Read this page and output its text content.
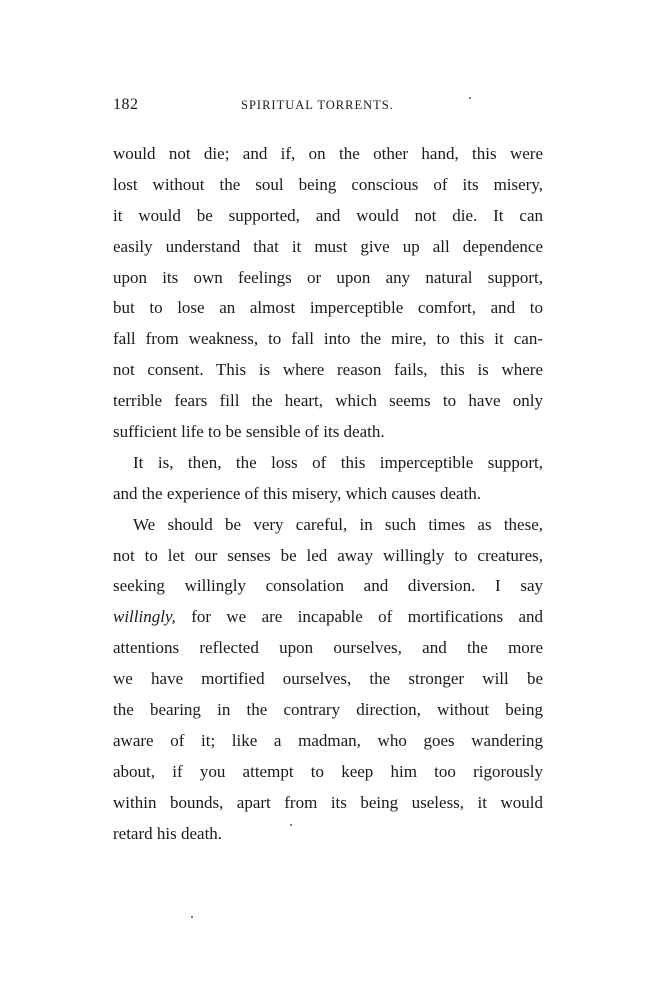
182	SPIRITUAL TORRENTS.
would not die; and if, on the other hand, this were
lost without the soul being conscious of its misery,
it would be supported, and would not die. It can
easily understand that it must give up all dependence
upon its own feelings or upon any natural support,
but to lose an almost imperceptible comfort, and to
fall from weakness, to fall into the mire, to this it can-
not consent. This is where reason fails, this is where
terrible fears fill the heart, which seems to have only
sufficient life to be sensible of its death.
It is, then, the loss of this imperceptible support,
and the experience of this misery, which causes death.
We should be very careful, in such times as these,
not to let our senses be led away willingly to creatures,
seeking willingly consolation and diversion. I say
willingly, for we are incapable of mortifications and
attentions reflected upon ourselves, and the more
we have mortified ourselves, the stronger will be
the bearing in the contrary direction, without being
aware of it; like a madman, who goes wandering
about, if you attempt to keep him too rigorously
within bounds, apart from its being useless, it would
retard his death.
